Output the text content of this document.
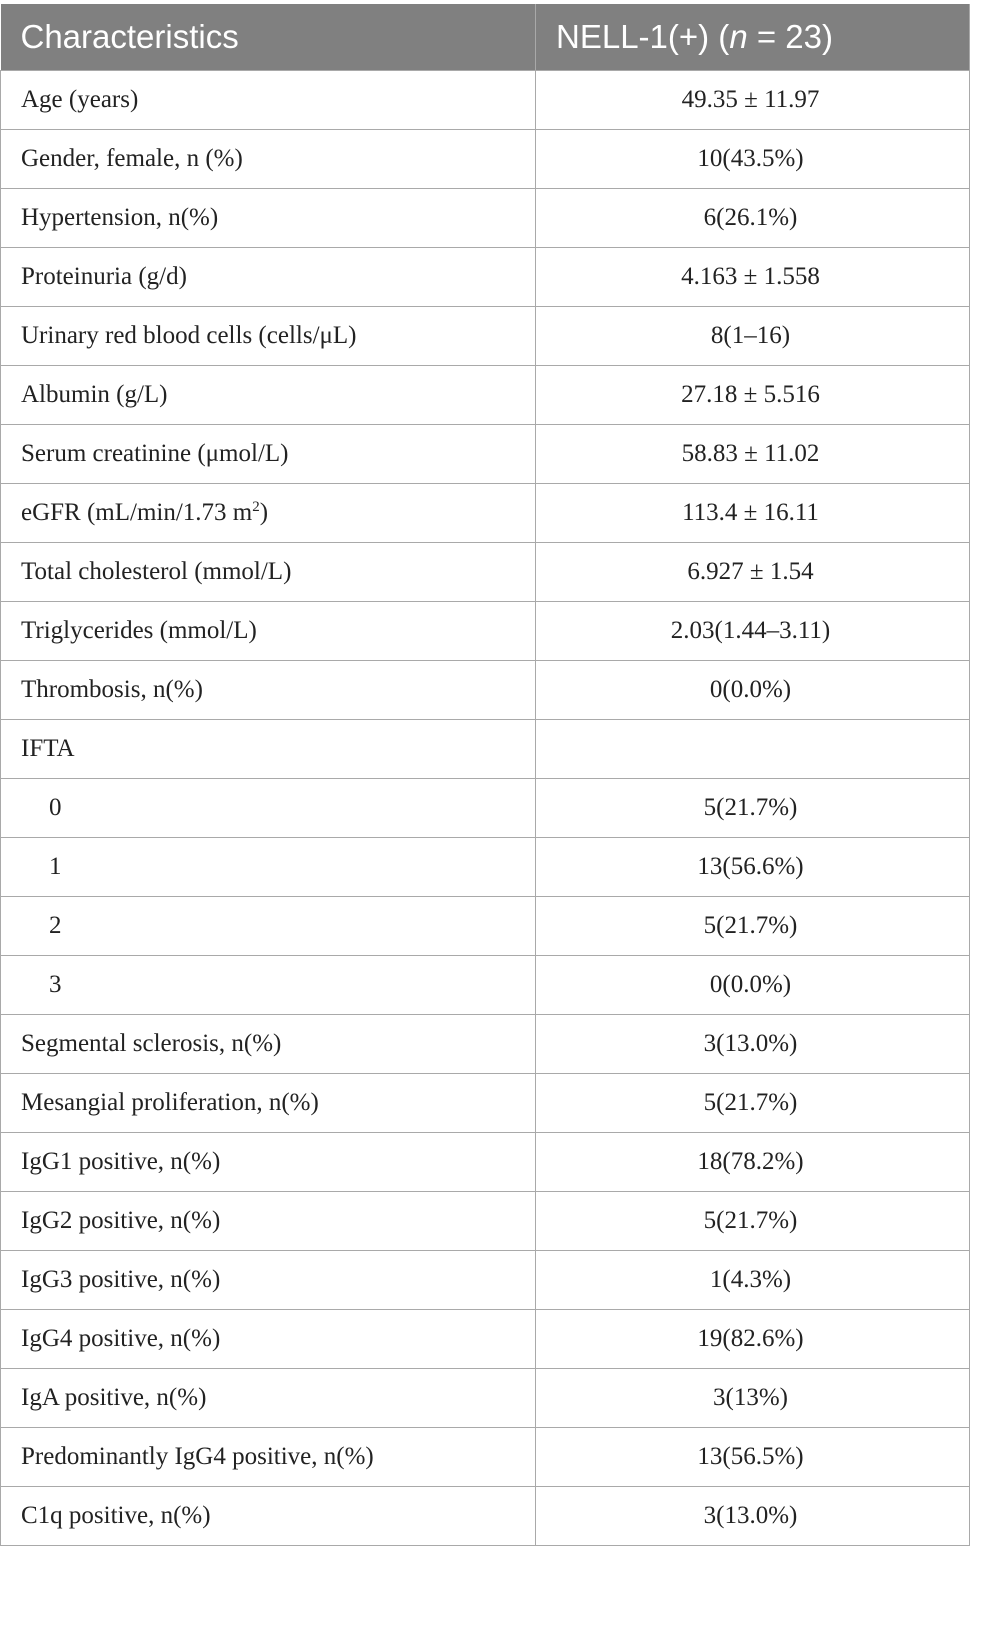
Characteristics	NELL-1(+) (n = 23)
Age (years)	49.35 ± 11.97
Gender, female, n (%)	10(43.5%)
Hypertension, n(%)	6(26.1%)
Proteinuria (g/d)	4.163 ± 1.558
Urinary red blood cells (cells/μL)	8(1–16)
Albumin (g/L)	27.18 ± 5.516
Serum creatinine (μmol/L)	58.83 ± 11.02
eGFR (mL/min/1.73 $m^2$)	113.4 ± 16.11
Total cholesterol (mmol/L)	6.927 ± 1.54
Triglycerides (mmol/L)	2.03(1.44–3.11)
Thrombosis, n(%)	0(0.0%)
IFTA	
0	5(21.7%)
1	13(56.6%)
2	5(21.7%)
3	0(0.0%)
Segmental sclerosis, n(%)	3(13.0%)
Mesangial proliferation, n(%)	5(21.7%)
IgG1 positive, n(%)	18(78.2%)
IgG2 positive, n(%)	5(21.7%)
IgG3 positive, n(%)	1(4.3%)
IgG4 positive, n(%)	19(82.6%)
IgA positive, n(%)	3(13%)
Predominantly IgG4 positive, n(%)	13(56.5%)
C1q positive, n(%)	3(13.0%)
